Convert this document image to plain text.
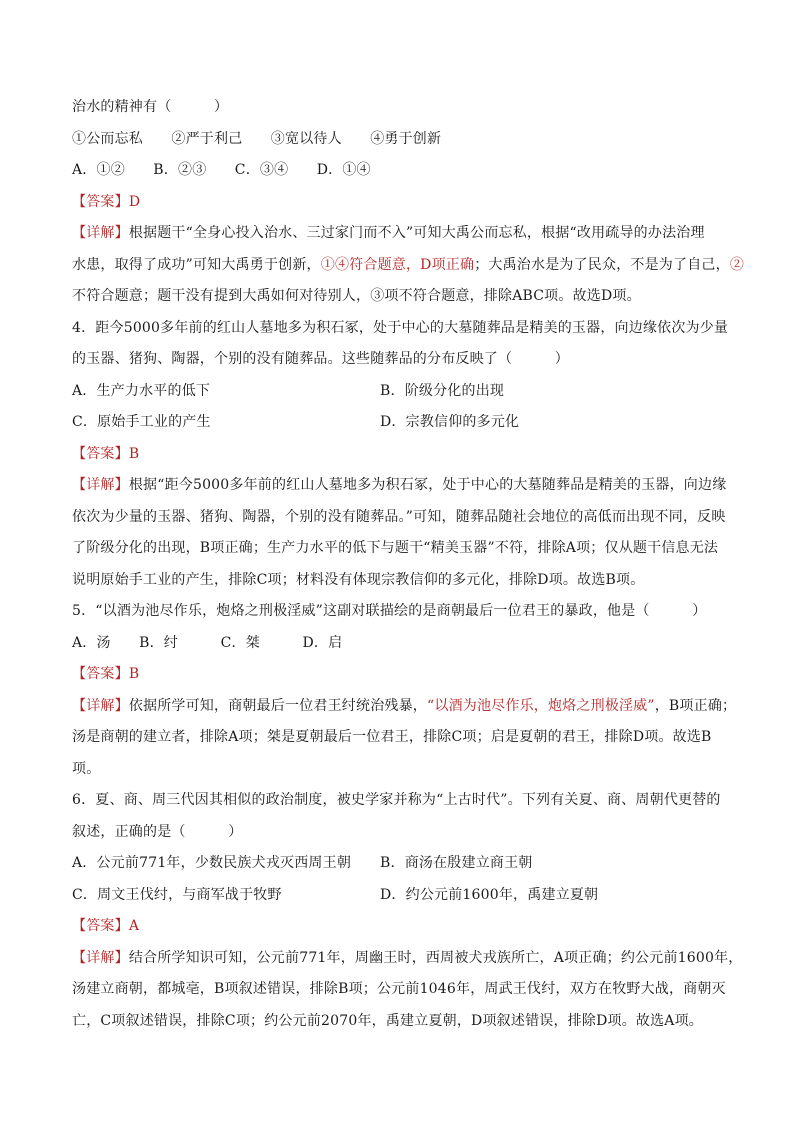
治水的精神有（　　　）
①公而忘私　　②严于利己　　③宽以待人　　④勇于创新
A．①②　　B．②③　　C．③④　　D．①④
【答案】D
【详解】根据题干“全身心投入治水、三过家门而不入”可知大禹公而忘私，根据“改用疏导的办法治理
水患，取得了成功”可知大禹勇于创新，①④符合题意，D项正确；大禹治水是为了民众，不是为了自己，②
不符合题意；题干没有提到大禹如何对待别人，③项不符合题意，排除ABC项。故选D项。
4．距今5000多年前的红山人墓地多为积石冢，处于中心的大墓随葬品是精美的玉器，向边缘依次为少量
的玉器、猪狗、陶器，个别的没有随葬品。这些随葬品的分布反映了（　　　）
A．生产力水平的低下	B．阶级分化的出现
C．原始手工业的产生	D．宗教信仰的多元化
【答案】B
【详解】根据“距今5000多年前的红山人墓地多为积石冢，处于中心的大墓随葬品是精美的玉器，向边缘
依次为少量的玉器、猪狗、陶器，个别的没有随葬品。”可知，随葬品随社会地位的高低而出现不同，反映
了阶级分化的出现，B项正确；生产力水平的低下与题干“精美玉器”不符，排除A项；仅从题干信息无法
说明原始手工业的产生，排除C项；材料没有体现宗教信仰的多元化，排除D项。故选B项。
5．“以酒为池尽作乐，炮烙之刑极淫威”这副对联描绘的是商朝最后一位君王的暴政，他是（　　　）
A．汤　　B．纣　　　C．桀　　　D．启
【答案】B
【详解】依据所学可知，商朝最后一位君王纣统治残暴，“以酒为池尽作乐，炮烙之刑极淫威”，B项正确；
汤是商朝的建立者，排除A项；桀是夏朝最后一位君王，排除C项；启是夏朝的君王，排除D项。故选B
项。
6．夏、商、周三代因其相似的政治制度，被史学家并称为“上古时代”。下列有关夏、商、周朝代更替的
叙述，正确的是（　　　）
A．公元前771年，少数民族犬戎灭西周王朝	B．商汤在殷建立商王朝
C．周文王伐纣，与商军战于牧野	D．约公元前1600年，禹建立夏朝
【答案】A
【详解】结合所学知识可知，公元前771年，周幽王时，西周被犬戎族所亡，A项正确；约公元前1600年，
汤建立商朝，都城亳，B项叙述错误，排除B项；公元前1046年，周武王伐纣，双方在牧野大战，商朝灭
亡，C项叙述错误，排除C项；约公元前2070年，禹建立夏朝，D项叙述错误，排除D项。故选A项。
